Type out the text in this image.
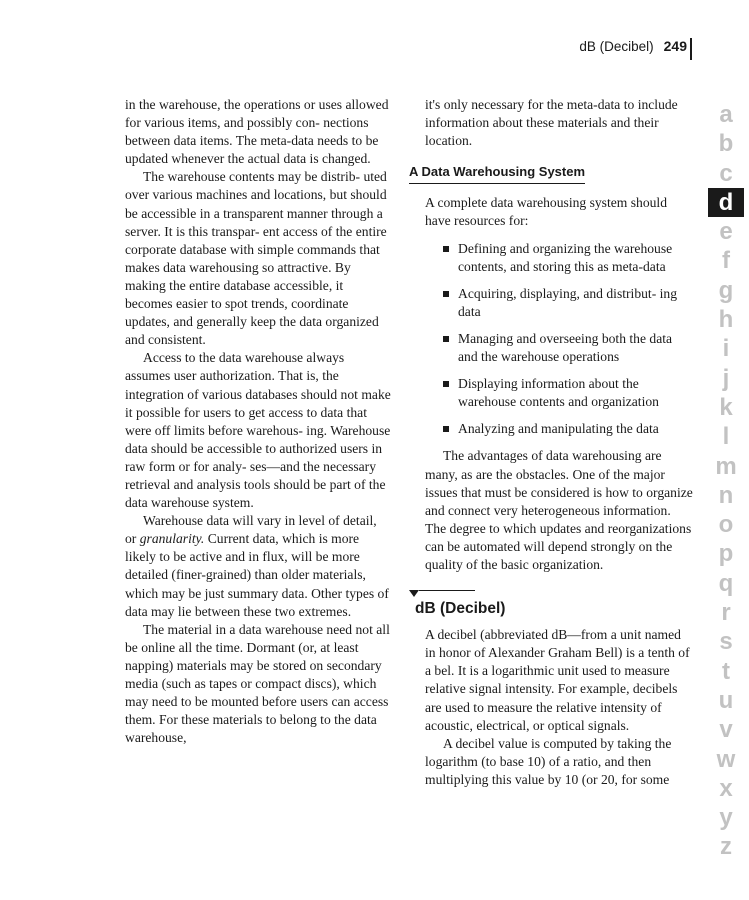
dB (Decibel) 249

in the warehouse, the operations or uses allowed for various items, and possibly con- nections between data items. The meta-data needs to be updated whenever the actual data is changed.

The warehouse contents may be distrib- uted over various machines and locations, but should be accessible in a transparent manner through a server. It is this transpar- ent access of the entire corporate database with simple commands that makes data warehousing so attractive. By making the entire database accessible, it becomes easier to spot trends, coordinate updates, and generally keep the data organized and consistent.

Access to the data warehouse always assumes user authorization. That is, the integration of various databases should not make it possible for users to get access to data that were off limits before warehous- ing. Warehouse data should be accessible to authorized users in raw form or for analy- ses—and the necessary retrieval and analysis tools should be part of the data warehouse system.

Warehouse data will vary in level of detail, or granularity. Current data, which is more likely to be active and in flux, will be more detailed (finer-grained) than older materials, which may be just summary data. Other types of data may lie between these two extremes.

The material in a data warehouse need not all be online all the time. Dormant (or, at least napping) materials may be stored on secondary media (such as tapes or compact discs), which may need to be mounted before users can access them. For these materials to belong to the data warehouse,

it's only necessary for the meta-data to include information about these materials and their location.

A Data Warehousing System

A complete data warehousing system should have resources for:

Defining and organizing the warehouse contents, and storing this as meta-data
Acquiring, displaying, and distribut- ing data
Managing and overseeing both the data and the warehouse operations
Displaying information about the warehouse contents and organization
Analyzing and manipulating the data

The advantages of data warehousing are many, as are the obstacles. One of the major issues that must be considered is how to organize and connect very heterogeneous information. The degree to which updates and reorganizations can be automated will depend strongly on the quality of the basic organization.

dB (Decibel)

A decibel (abbreviated dB—from a unit named in honor of Alexander Graham Bell) is a tenth of a bel. It is a logarithmic unit used to measure relative signal intensity. For example, decibels are used to measure the relative intensity of acoustic, electrical, or optical signals.

A decibel value is computed by taking the logarithm (to base 10) of a ratio, and then multiplying this value by 10 (or 20, for some

a
b
c
d
e
f
g
h
i
j
k
l
m
n
o
p
q
r
s
t
u
v
w
x
y
z
